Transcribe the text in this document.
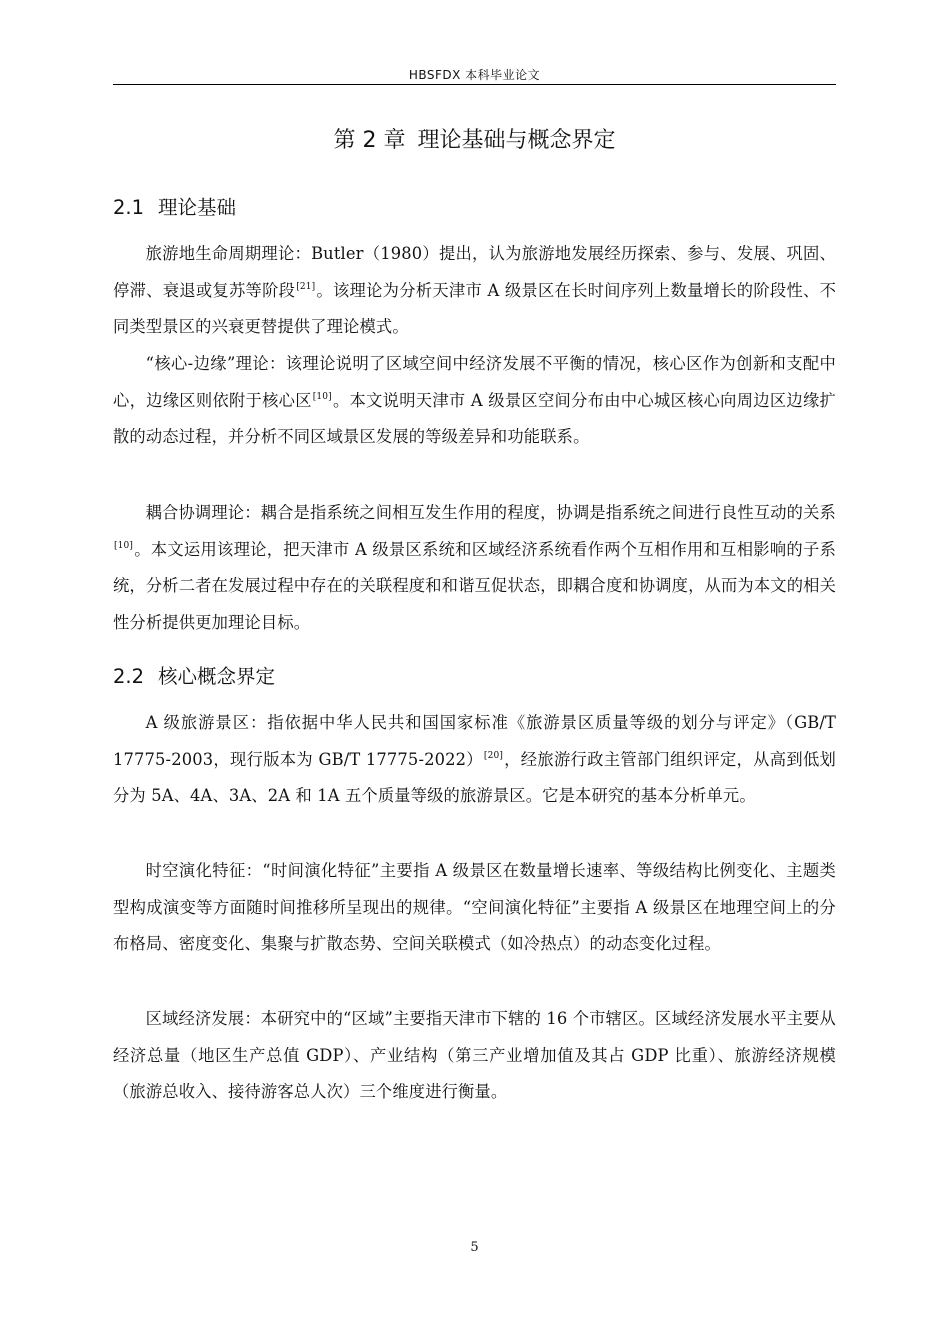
HBSFDX 本科毕业论文
第 2 章 理论基础与概念界定
2.1 理论基础
旅游地生命周期理论：Butler（1980）提出，认为旅游地发展经历探索、参与、发展、巩固、停滞、衰退或复苏等阶段[21]。该理论为分析天津市 A 级景区在长时间序列上数量增长的阶段性、不同类型景区的兴衰更替提供了理论模式。
“核心-边缘”理论：该理论说明了区域空间中经济发展不平衡的情况，核心区作为创新和支配中心，边缘区则依附于核心区[10]。本文说明天津市 A 级景区空间分布由中心城区核心向周边区边缘扩散的动态过程，并分析不同区域景区发展的等级差异和功能联系。
耦合协调理论：耦合是指系统之间相互发生作用的程度，协调是指系统之间进行良性互动的关系[10]。本文运用该理论，把天津市 A 级景区系统和区域经济系统看作两个互相作用和互相影响的子系统，分析二者在发展过程中存在的关联程度和和谐互促状态，即耦合度和协调度，从而为本文的相关性分析提供更加理论目标。
2.2 核心概念界定
A 级旅游景区：指依据中华人民共和国国家标准《旅游景区质量等级的划分与评定》（GB/T 17775-2003，现行版本为 GB/T 17775-2022）[20]，经旅游行政主管部门组织评定，从高到低划分为 5A、4A、3A、2A 和 1A 五个质量等级的旅游景区。它是本研究的基本分析单元。
时空演化特征：“时间演化特征”主要指 A 级景区在数量增长速率、等级结构比例变化、主题类型构成演变等方面随时间推移所呈现出的规律。“空间演化特征”主要指 A 级景区在地理空间上的分布格局、密度变化、集聚与扩散态势、空间关联模式（如冷热点）的动态变化过程。
区域经济发展：本研究中的“区域”主要指天津市下辖的 16 个市辖区。区域经济发展水平主要从经济总量（地区生产总值 GDP）、产业结构（第三产业增加值及其占 GDP 比重）、旅游经济规模（旅游总收入、接待游客总人次）三个维度进行衡量。
5
